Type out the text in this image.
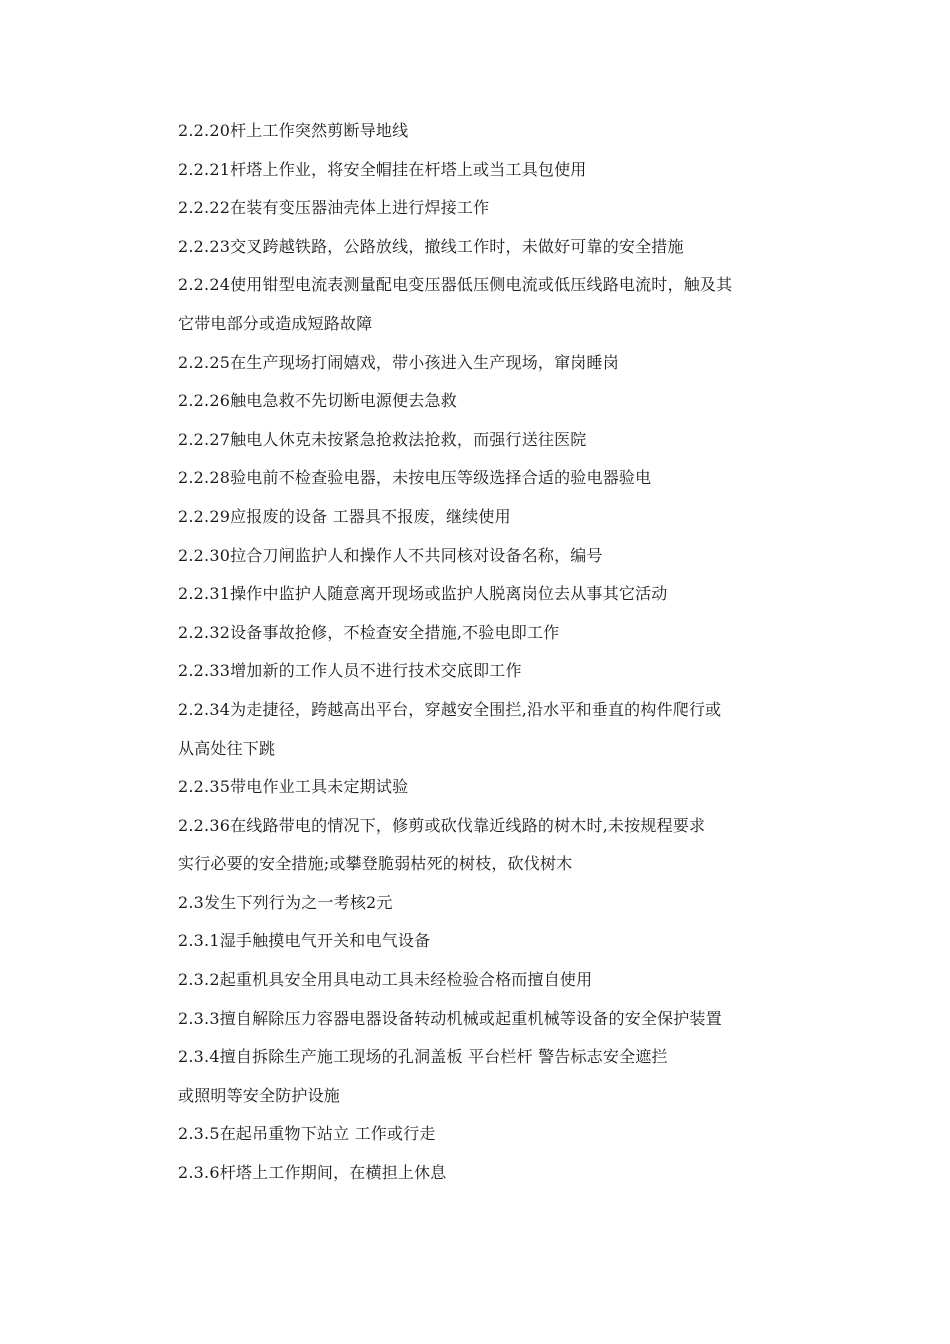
2.2.20杆上工作突然剪断导地线
2.2.21杆塔上作业，将安全帽挂在杆塔上或当工具包使用
2.2.22在装有变压器油壳体上进行焊接工作
2.2.23交叉跨越铁路，公路放线，撤线工作时，未做好可靠的安全措施
2.2.24使用钳型电流表测量配电变压器低压侧电流或低压线路电流时，触及其
它带电部分或造成短路故障
2.2.25在生产现场打闹嬉戏，带小孩进入生产现场，窜岗睡岗
2.2.26触电急救不先切断电源便去急救
2.2.27触电人休克未按紧急抢救法抢救，而强行送往医院
2.2.28验电前不检查验电器，未按电压等级选择合适的验电器验电
2.2.29应报废的设备 工器具不报废，继续使用
2.2.30拉合刀闸监护人和操作人不共同核对设备名称，编号
2.2.31操作中监护人随意离开现场或监护人脱离岗位去从事其它活动
2.2.32设备事故抢修，不检查安全措施,不验电即工作
2.2.33增加新的工作人员不进行技术交底即工作
2.2.34为走捷径，跨越高出平台，穿越安全围拦,沿水平和垂直的构件爬行或
从高处往下跳
2.2.35带电作业工具未定期试验
2.2.36在线路带电的情况下，修剪或砍伐靠近线路的树木时,未按规程要求
实行必要的安全措施;或攀登脆弱枯死的树枝，砍伐树木
2.3发生下列行为之一考核2元
2.3.1湿手触摸电气开关和电气设备
2.3.2起重机具安全用具电动工具未经检验合格而擅自使用
2.3.3擅自解除压力容器电器设备转动机械或起重机械等设备的安全保护装置
2.3.4擅自拆除生产施工现场的孔洞盖板 平台栏杆 警告标志安全遮拦
或照明等安全防护设施
2.3.5在起吊重物下站立 工作或行走
2.3.6杆塔上工作期间，在横担上休息
